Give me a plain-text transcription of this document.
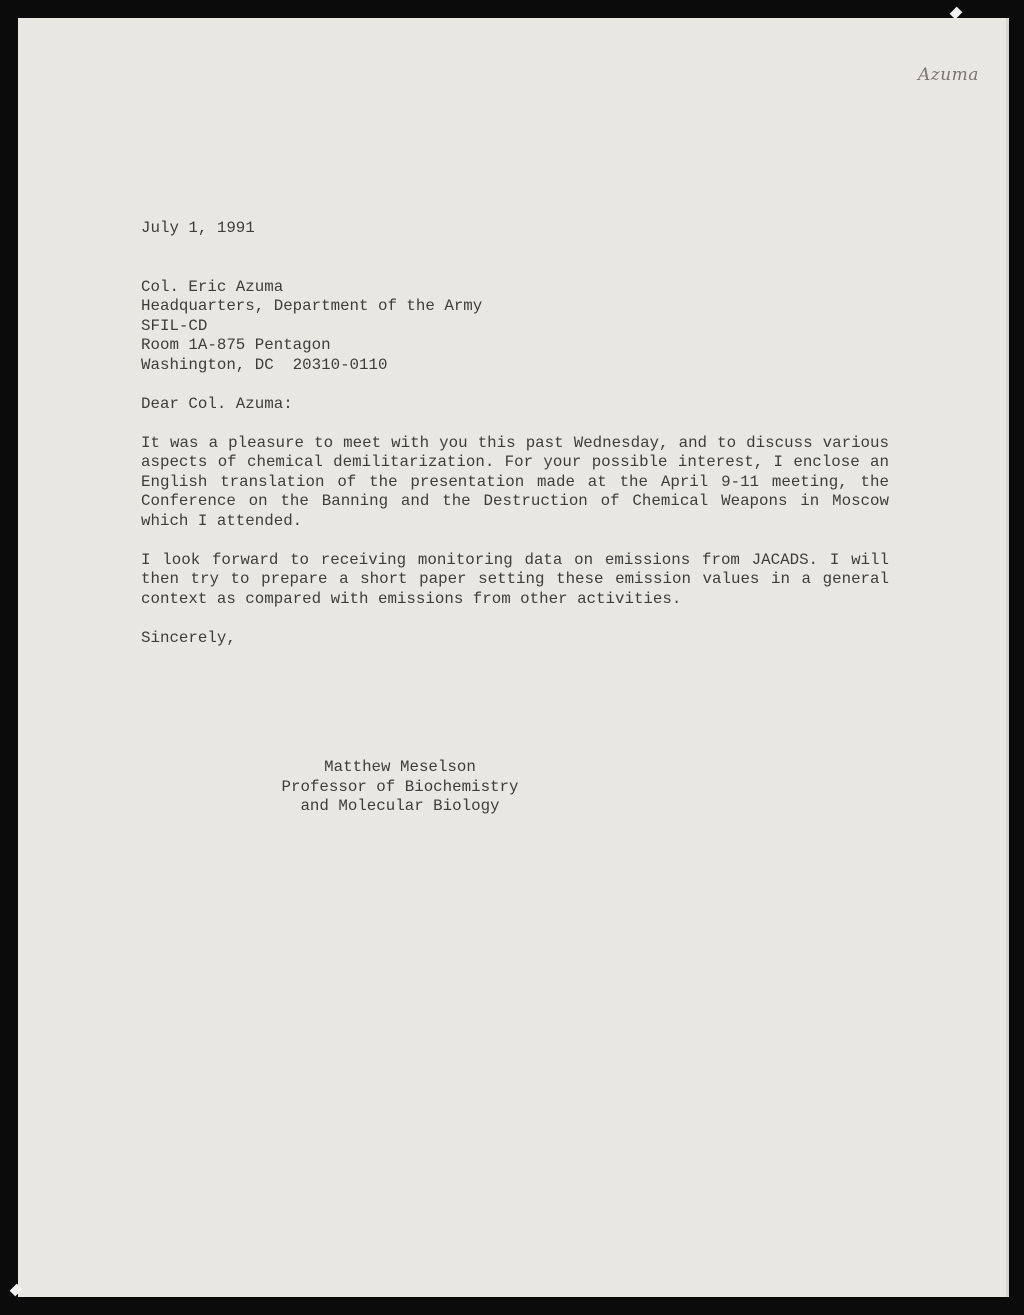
Azuma
July 1, 1991
Col. Eric Azuma
Headquarters, Department of the Army
SFIL-CD
Room 1A-875 Pentagon
Washington, DC  20310-0110
Dear Col. Azuma:

It was a pleasure to meet with you this past Wednesday, and to discuss various aspects of chemical demilitarization. For your possible interest, I enclose an English translation of the presentation made at the April 9-11 meeting, the Conference on the Banning and the Destruction of Chemical Weapons in Moscow which I attended.

I look forward to receiving monitoring data on emissions from JACADS. I will then try to prepare a short paper setting these emission values in a general context as compared with emissions from other activities.

Sincerely,
Matthew Meselson
Professor of Biochemistry
and Molecular Biology
